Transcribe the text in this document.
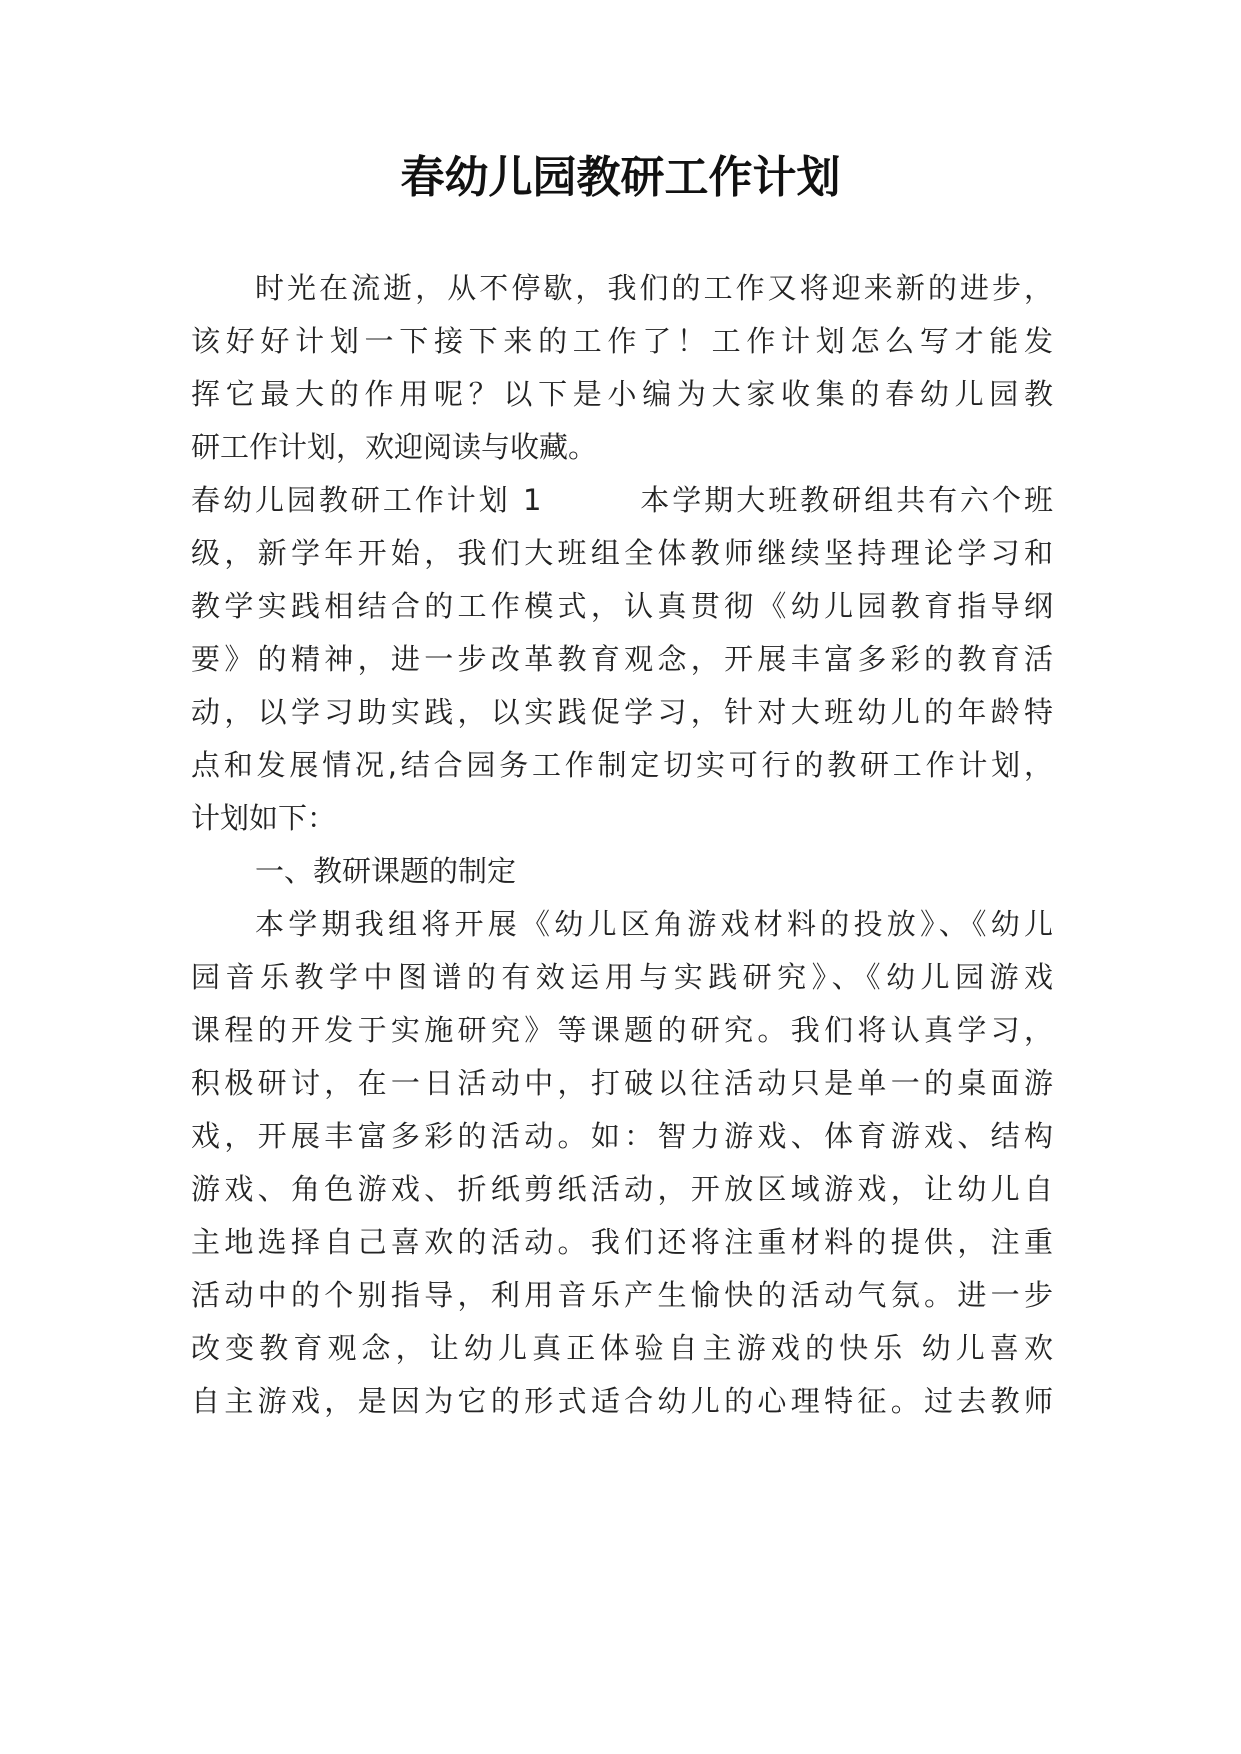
春幼儿园教研工作计划
时光在流逝，从不停歇，我们的工作又将迎来新的进步，
该好好计划一下接下来的工作了！工作计划怎么写才能发
挥它最大的作用呢？以下是小编为大家收集的春幼儿园教
研工作计划，欢迎阅读与收藏。
春幼儿园教研工作计划 1　　　本学期大班教研组共有六个班
级，新学年开始，我们大班组全体教师继续坚持理论学习和
教学实践相结合的工作模式，认真贯彻《幼儿园教育指导纲
要》的精神，进一步改革教育观念，开展丰富多彩的教育活
动，以学习助实践，以实践促学习，针对大班幼儿的年龄特
点和发展情况,结合园务工作制定切实可行的教研工作计划，
计划如下：
一、教研课题的制定
本学期我组将开展《幼儿区角游戏材料的投放》、《幼儿
园音乐教学中图谱的有效运用与实践研究》、《幼儿园游戏
课程的开发于实施研究》等课题的研究。我们将认真学习，
积极研讨，在一日活动中，打破以往活动只是单一的桌面游
戏，开展丰富多彩的活动。如：智力游戏、体育游戏、结构
游戏、角色游戏、折纸剪纸活动，开放区域游戏，让幼儿自
主地选择自己喜欢的活动。我们还将注重材料的提供，注重
活动中的个别指导，利用音乐产生愉快的活动气氛。进一步
改变教育观念，让幼儿真正体验自主游戏的快乐 幼儿喜欢
自主游戏，是因为它的形式适合幼儿的心理特征。过去教师
